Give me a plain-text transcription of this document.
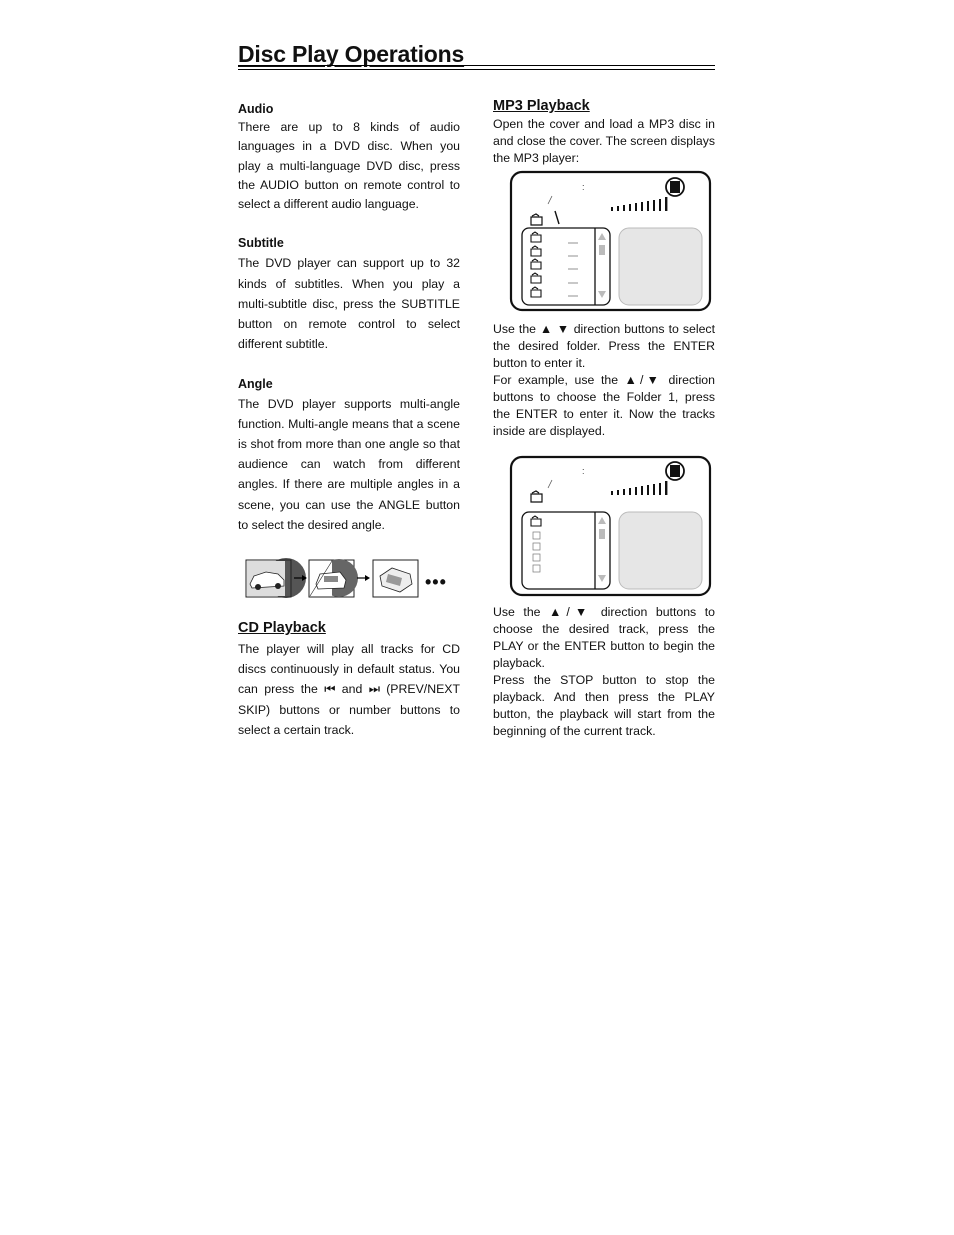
Disc Play Operations

Audio

There are up to 8 kinds of audio languages in a DVD disc. When you play a multi-language DVD disc, press the AUDIO button on remote control to select a different audio language.

Subtitle

The DVD player can support up to 32 kinds of subtitles. When you play a multi-subtitle disc, press the SUBTITLE button on remote control to select different subtitle.

Angle

The DVD player supports multi-angle function. Multi-angle means that a scene is shot from more than one angle so that audience can watch from different angles. If there are multiple angles in a scene, you can use the ANGLE button to select the desired angle.

•••

CD Playback

The player will play all tracks for CD discs continuously in default status. You can press the ⏮ and ⏭ (PREV/NEXT SKIP) buttons or number buttons to select a certain track.

MP3 Playback

Open the cover and load a MP3 disc in and close the cover. The screen displays the MP3 player:

:

Use the ▲ ▼ direction buttons to select the desired folder. Press the ENTER button to enter it.

For example, use the ▲/▼ direction buttons to choose the Folder 1, press the ENTER to enter it. Now the tracks inside are displayed.

:

Use the ▲/▼ direction buttons to choose the desired track, press the PLAY or the ENTER button to begin the playback.

Press the STOP button to stop the playback. And then press the PLAY button, the playback will start from the beginning of the current track.
